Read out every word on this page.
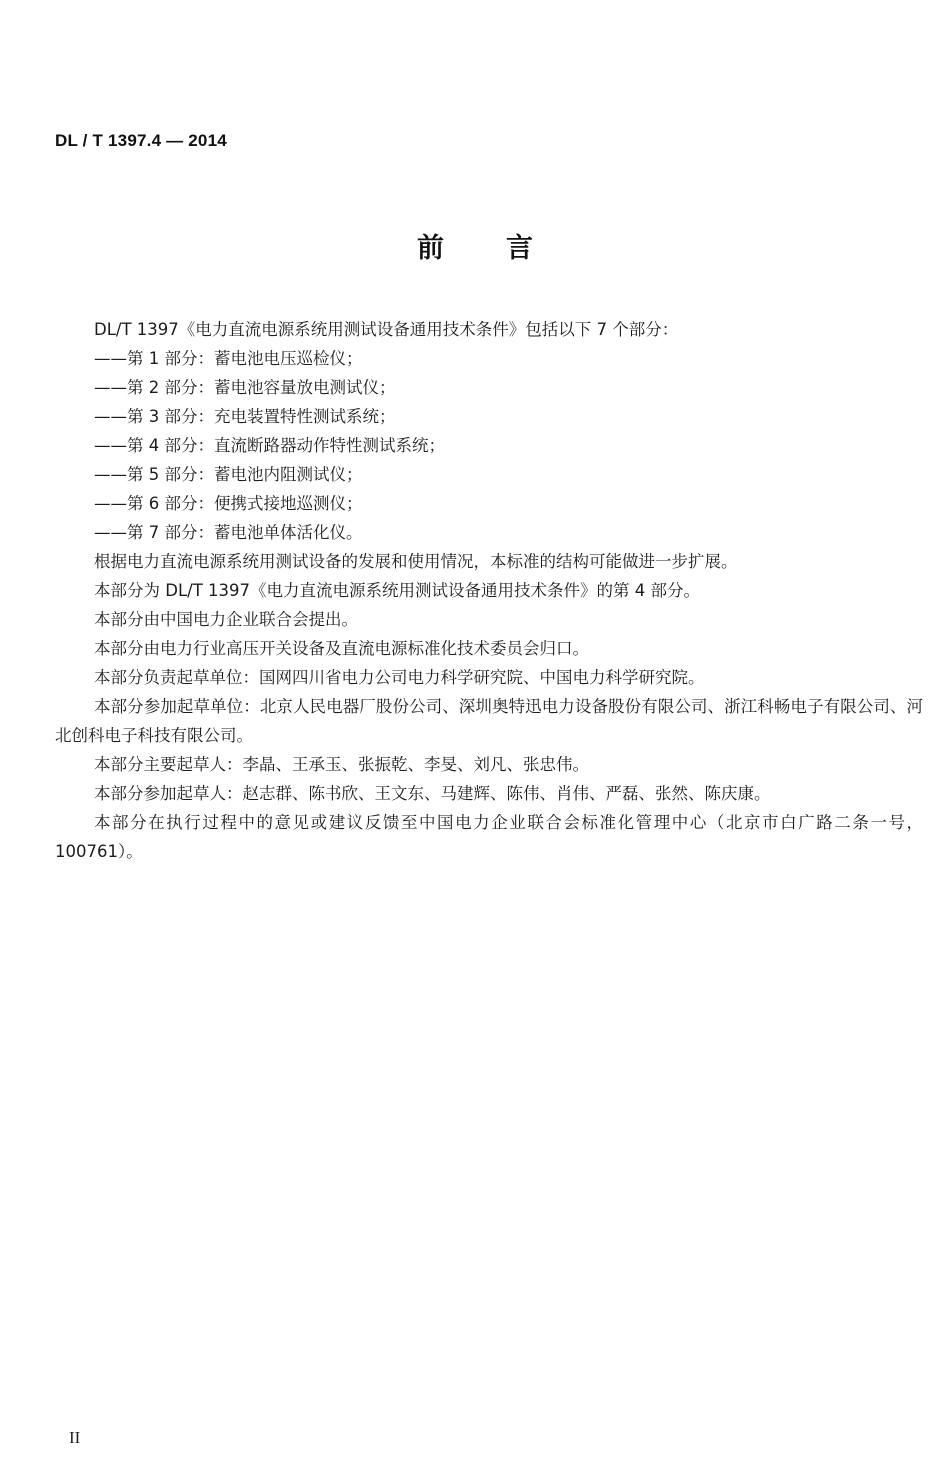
DL / T 1397.4 — 2014
前言

DL/T 1397《电力直流电源系统用测试设备通用技术条件》包括以下 7 个部分：

——第 1 部分：蓄电池电压巡检仪；

——第 2 部分：蓄电池容量放电测试仪；

——第 3 部分：充电装置特性测试系统；

——第 4 部分：直流断路器动作特性测试系统；

——第 5 部分：蓄电池内阻测试仪；

——第 6 部分：便携式接地巡测仪；

——第 7 部分：蓄电池单体活化仪。

根据电力直流电源系统用测试设备的发展和使用情况，本标准的结构可能做进一步扩展。

本部分为 DL/T 1397《电力直流电源系统用测试设备通用技术条件》的第 4 部分。

本部分由中国电力企业联合会提出。

本部分由电力行业高压开关设备及直流电源标准化技术委员会归口。

本部分负责起草单位：国网四川省电力公司电力科学研究院、中国电力科学研究院。

本部分参加起草单位：北京人民电器厂股份公司、深圳奥特迅电力设备股份有限公司、浙江科畅电子有限公司、河北创科电子科技有限公司。

本部分主要起草人：李晶、王承玉、张振乾、李旻、刘凡、张忠伟。

本部分参加起草人：赵志群、陈书欣、王文东、马建辉、陈伟、肖伟、严磊、张然、陈庆康。

本部分在执行过程中的意见或建议反馈至中国电力企业联合会标准化管理中心（北京市白广路二条一号，100761）。

II
